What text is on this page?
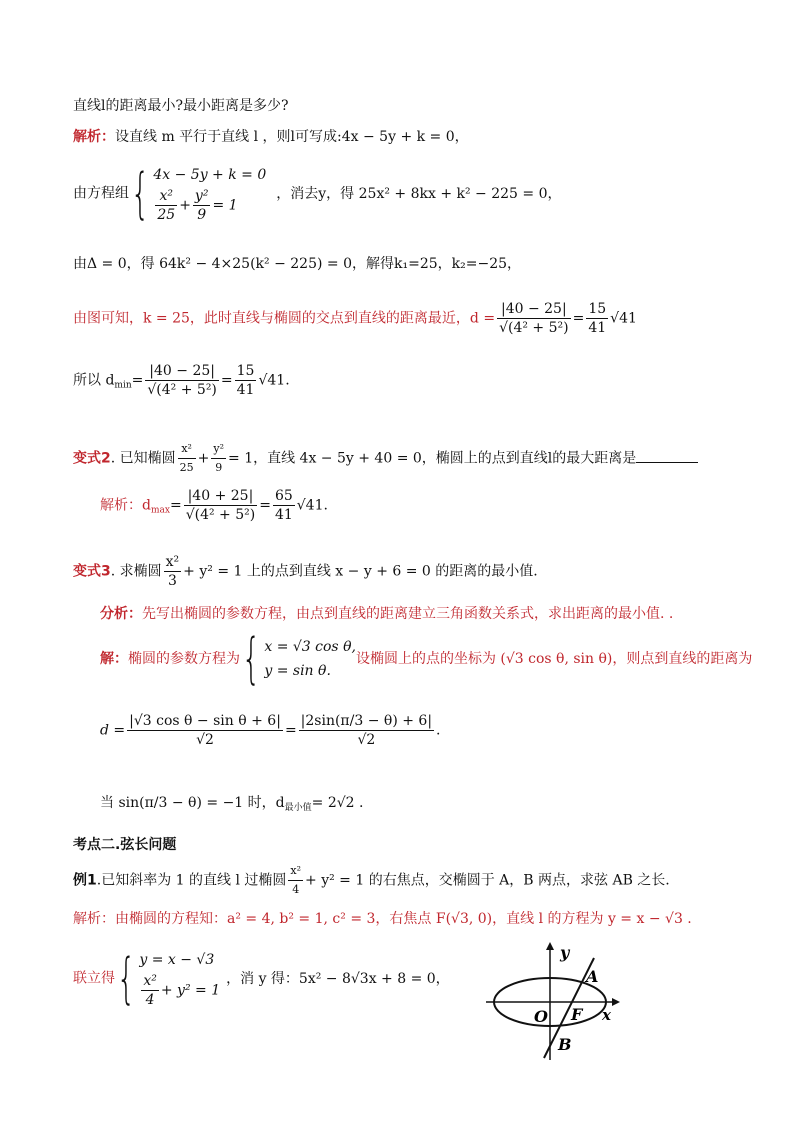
直线l的距离最小?最小距离是多少?
解析：设直线 m 平行于直线 l ，则l可写成:4x − 5y + k = 0，
由方程组{ 4x − 5y + k = 0
$\frac{\text{x²}}{25} + \frac{\text{y²}}{9} = 1$
，消去y，得 25x² + 8kx + k² − 225 = 0，
由Δ = 0，得 64k² − 4×25(k² − 225) = 0，解得k₁=25，k₂=−25，
由图可知，k = 25，此时直线与椭圆的交点到直线的距离最近，$d = \frac{|40 - 25|}{\text{√(4² + 5²)}} = \frac{15}{41} √41$
所以 $d_{min}= \frac{|40 - 25|}{\text{√(4² + 5²)}} = \frac{15}{41} √41$.
变式2. 已知椭圆 $\frac{\text{x²}}{25} + \frac{\text{y²}}{9} = 1$，直线 4x − 5y + 40 = 0，椭圆上的点到直线l的最大距离是
解析：$d_{max}= \frac{|40 + 25|}{\text{√(4² + 5²)}} = \frac{65}{41} √41$.
变式3. 求椭圆 $\frac{\text{x²}}{3} + y^2 = 1$ 上的点到直线 x − y + 6 = 0 的距离的最小值.
分析：先写出椭圆的参数方程，由点到直线的距离建立三角函数关系式，求出距离的最小值. .
解：椭圆的参数方程为{ x = √3 cos θ,
y = sin θ.
设椭圆上的点的坐标为 (√3 cos θ, sin θ)，则点到直线的距离为
$d = \frac{\text{|√3 cos θ − sin θ + 6|}}{√2} = \frac{|2\sin(\pi/3 - \theta) + 6|}{√2}$ .
当 sin(π/3 − θ) = −1 时，$d_{最小值}= 2√2$ .
考点二.弦长问题
例1.已知斜率为 1 的直线 l 过椭圆 $\frac{\text{x²}}{4} + y^2 = 1$ 的右焦点，交椭圆于 A，B 两点，求弦 AB 之长.
解析：由椭圆的方程知：a² = 4, b² = 1, c² = 3，右焦点 F(√3, 0)，直线 l 的方程为 y = x − √3 .
联立得{ y = x − √3
$\frac{\text{x²}}{4} + y^2 = 1$
，消 y 得：5x² − 8√3x + 8 = 0，
y
A
O F x
B
